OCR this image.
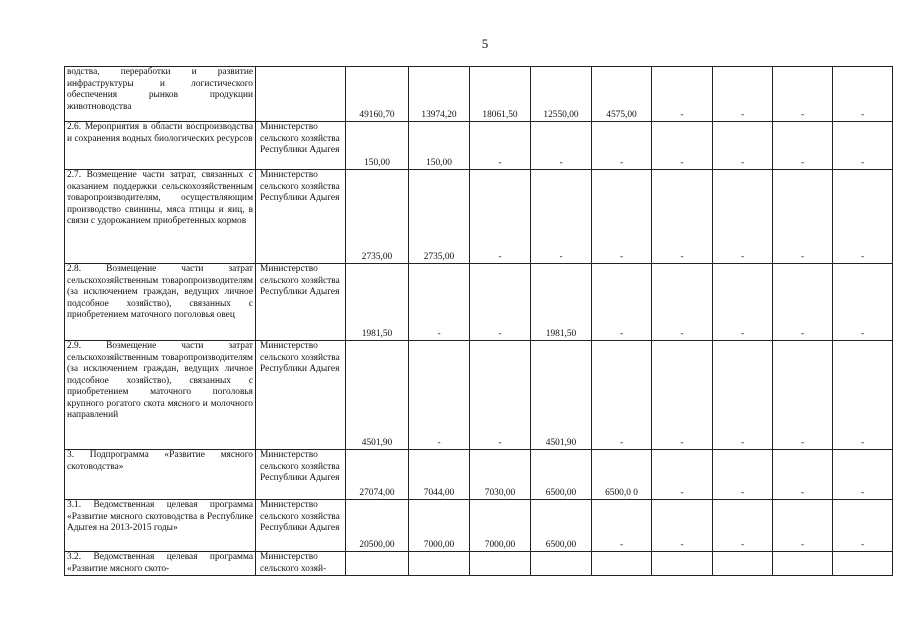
5
водства, переработки и развитие инфраструктуры и логистического обеспечения рынков продукции животноводства		49160,70	13974,20	18061,50	12550,00	4575,00	-	-	-	-
2.6. Мероприятия в области воспроизводства и сохранения водных биологических ресурсов	Министерство сельского хозяйства Республики Адыгея	150,00	150,00	-	-	-	-	-	-	-
2.7. Возмещение части затрат, связанных с оказанием поддержки сельскохозяйственным товаропроизводителям, осуществляющим производство свинины, мяса птицы и яиц, в связи с удорожанием приобретенных кормов	Министерство сельского хозяйства Республики Адыгея	2735,00	2735,00	-	-	-	-	-	-	-
2.8. Возмещение части затрат сельскохозяйственным товаропроизводителям (за исключением граждан, ведущих личное подсобное хозяйство), связанных с приобретением маточного поголовья овец	Министерство сельского хозяйства Республики Адыгея	1981,50	-	-	1981,50	-	-	-	-	-
2.9. Возмещение части затрат сельскохозяйственным товаропроизводителям (за исключением граждан, ведущих личное подсобное хозяйство), связанных с приобретением маточного поголовья крупного рогатого скота мясного и молочного направлений	Министерство сельского хозяйства Республики Адыгея	4501,90	-	-	4501,90	-	-	-	-	-
3. Подпрограмма «Развитие мясного скотоводства»	Министерство сельского хозяйства Республики Адыгея	27074,00	7044,00	7030,00	6500,00	6500,0 0	-	-	-	-
3.1. Ведомственная целевая программа «Развитие мясного скотоводства в Республике Адыгея на 2013-2015 годы»	Министерство сельского хозяйства Республики Адыгея	20500,00	7000,00	7000,00	6500,00	-	-	-	-	-
3.2. Ведомственная целевая программа «Развитие мясного ското-	Министерство сельского хозяй-									
